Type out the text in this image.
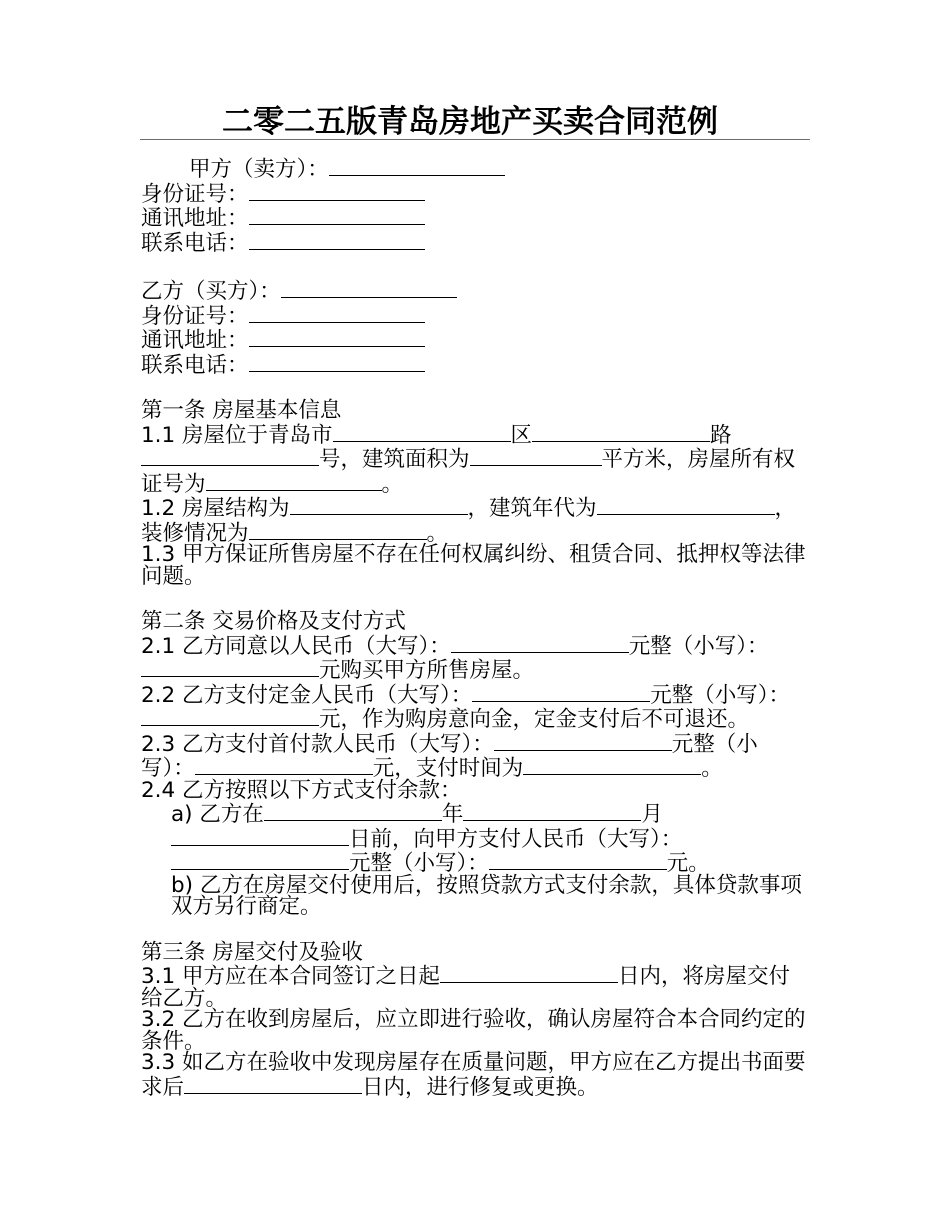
二零二五版青岛房地产买卖合同范例
甲方（卖方）：
身份证号：
通讯地址：
联系电话：
乙方（买方）：
身份证号：
通讯地址：
联系电话：
第一条 房屋基本信息
1.1 房屋位于青岛市	区	路号，建筑面积为	平方米，房屋所有权证号为	。
1.2 房屋结构为	，建筑年代为	，装修情况为	。
1.3 甲方保证所售房屋不存在任何权属纠纷、租赁合同、抵押权等法律问题。
第二条 交易价格及支付方式
2.1 乙方同意以人民币（大写）：	元整（小写）：元购买甲方所售房屋。
2.2 乙方支付定金人民币（大写）：	元整（小写）：元，作为购房意向金，定金支付后不可退还。
2.3 乙方支付首付款人民币（大写）：	元整（小写）：	元，支付时间为	。
2.4 乙方按照以下方式支付余款：
a) 乙方在	年	月日前，向甲方支付人民币（大写）：元整（小写）：	元。
b) 乙方在房屋交付使用后，按照贷款方式支付余款，具体贷款事项双方另行商定。
第三条 房屋交付及验收
3.1 甲方应在本合同签订之日起	日内，将房屋交付给乙方。
3.2 乙方在收到房屋后，应立即进行验收，确认房屋符合本合同约定的条件。
3.3 如乙方在验收中发现房屋存在质量问题，甲方应在乙方提出书面要求后	日内，进行修复或更换。
